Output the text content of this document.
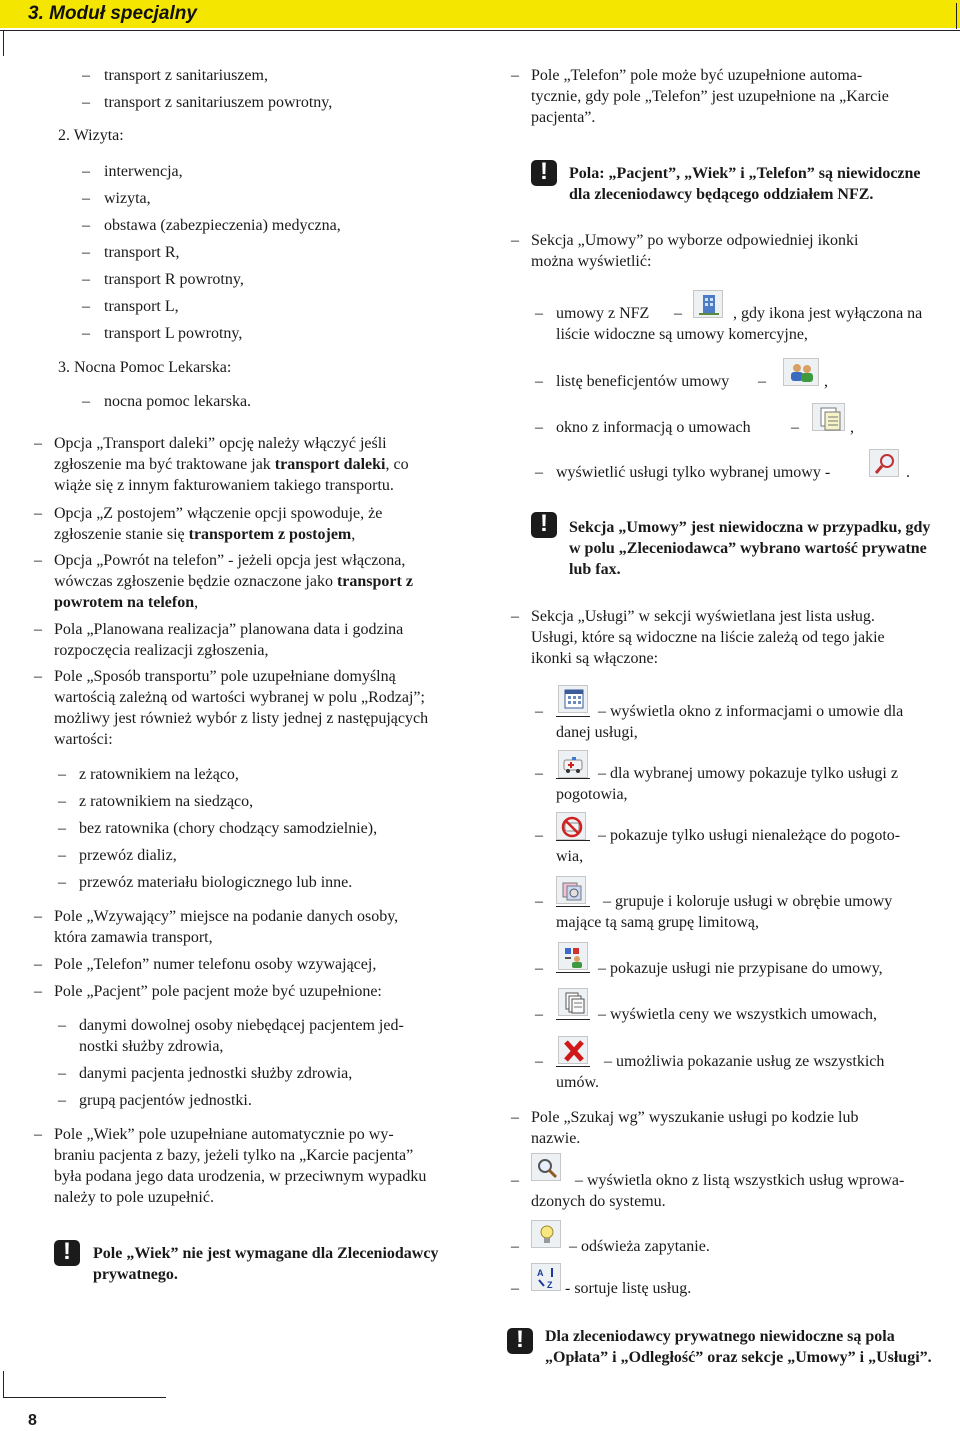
3. Moduł specjalny
– transport z sanitariuszem,
– transport z sanitariuszem powrotny,
2. Wizyta:
– interwencja,
– wizyta,
– obstawa (zabezpieczenia) medyczna,
– transport R,
– transport R powrotny,
– transport L,
– transport L powrotny,
3. Nocna Pomoc Lekarska:
– nocna pomoc lekarska.
– Opcja „Transport daleki” opcję należy włączyć jeśli
zgłoszenie ma być traktowane jak transport daleki, co
wiąże się z innym fakturowaniem takiego transportu.
– Opcja „Z postojem” włączenie opcji spowoduje, że
zgłoszenie stanie się transportem z postojem,
– Opcja „Powrót na telefon” - jeżeli opcja jest włączona,
wówczas zgłoszenie będzie oznaczone jako transport z
powrotem na telefon,
– Pola „Planowana realizacja” planowana data i godzina
rozpoczęcia realizacji zgłoszenia,
– Pole „Sposób transportu” pole uzupełniane domyślną
wartością zależną od wartości wybranej w polu „Rodzaj”;
możliwy jest również wybór z listy jednej z następujących
wartości:
– z ratownikiem na leżąco,
– z ratownikiem na siedząco,
– bez ratownika (chory chodzący samodzielnie),
– przewóz dializ,
– przewóz materiału biologicznego lub inne.
– Pole „Wzywający” miejsce na podanie danych osoby,
która zamawia transport,
– Pole „Telefon” numer telefonu osoby wzywającej,
– Pole „Pacjent” pole pacjent może być uzupełnione:
– danymi dowolnej osoby niebędącej pacjentem jed-
nostki służby zdrowia,
– danymi pacjenta jednostki służby zdrowia,
– grupą pacjentów jednostki.
– Pole „Wiek” pole uzupełniane automatycznie po wy-
braniu pacjenta z bazy, jeżeli tylko na „Karcie pacjenta”
była podana jego data urodzenia, w przeciwnym wypadku
należy to pole uzupełnić.
!
Pole „Wiek” nie jest wymagane dla Zleceniodawcy
prywatnego.
– Pole „Telefon” pole może być uzupełnione automa-
tycznie, gdy pole „Telefon” jest uzupełnione na „Karcie
pacjenta”.
!
Pola: „Pacjent”, „Wiek” i „Telefon” są niewidoczne
dla zleceniodawcy będącego oddziałem NFZ.
– Sekcja „Umowy” po wyborze odpowiedniej ikonki
można wyświetlić:
– umowy z NFZ –	, gdy ikona jest wyłączona na
liście widoczne są umowy komercyjne,
– listę beneficjentów umowy –	,
– okno z informacją o umowach	–	,
– wyświetlić usługi tylko wybranej umowy -	.
!
Sekcja „Umowy” jest niewidoczna w przypadku, gdy
w polu „Zleceniodawca” wybrano wartość prywatne
lub fax.
– Sekcja „Usługi” w sekcji wyświetlana jest lista usług.
Usługi, które są widoczne na liście zależą od tego jakie
ikonki są włączone:
–	– wyświetla okno z informacjami o umowie dla
danej usługi,
–	– dla wybranej umowy pokazuje tylko usługi z
pogotowia,
–	– pokazuje tylko usługi nienależące do pogoto-
wia,
–	– grupuje i koloruje usługi w obrębie umowy
mające tą samą grupę limitową,
–	– pokazuje usługi nie przypisane do umowy,
–	– wyświetla ceny we wszystkich umowach,
–	– umożliwia pokazanie usług ze wszystkich
umów.
– Pole „Szukaj wg” wyszukanie usługi po kodzie lub
nazwie.
–	– wyświetla okno z listą wszystkich usług wprowa-
dzonych do systemu.
–	– odświeża zapytanie.
–
A
Z - sortuje listę usług.
!
Dla zleceniodawcy prywatnego niewidoczne są pola
„Opłata” i „Odległość” oraz sekcje „Umowy” i „Usługi”.
8
